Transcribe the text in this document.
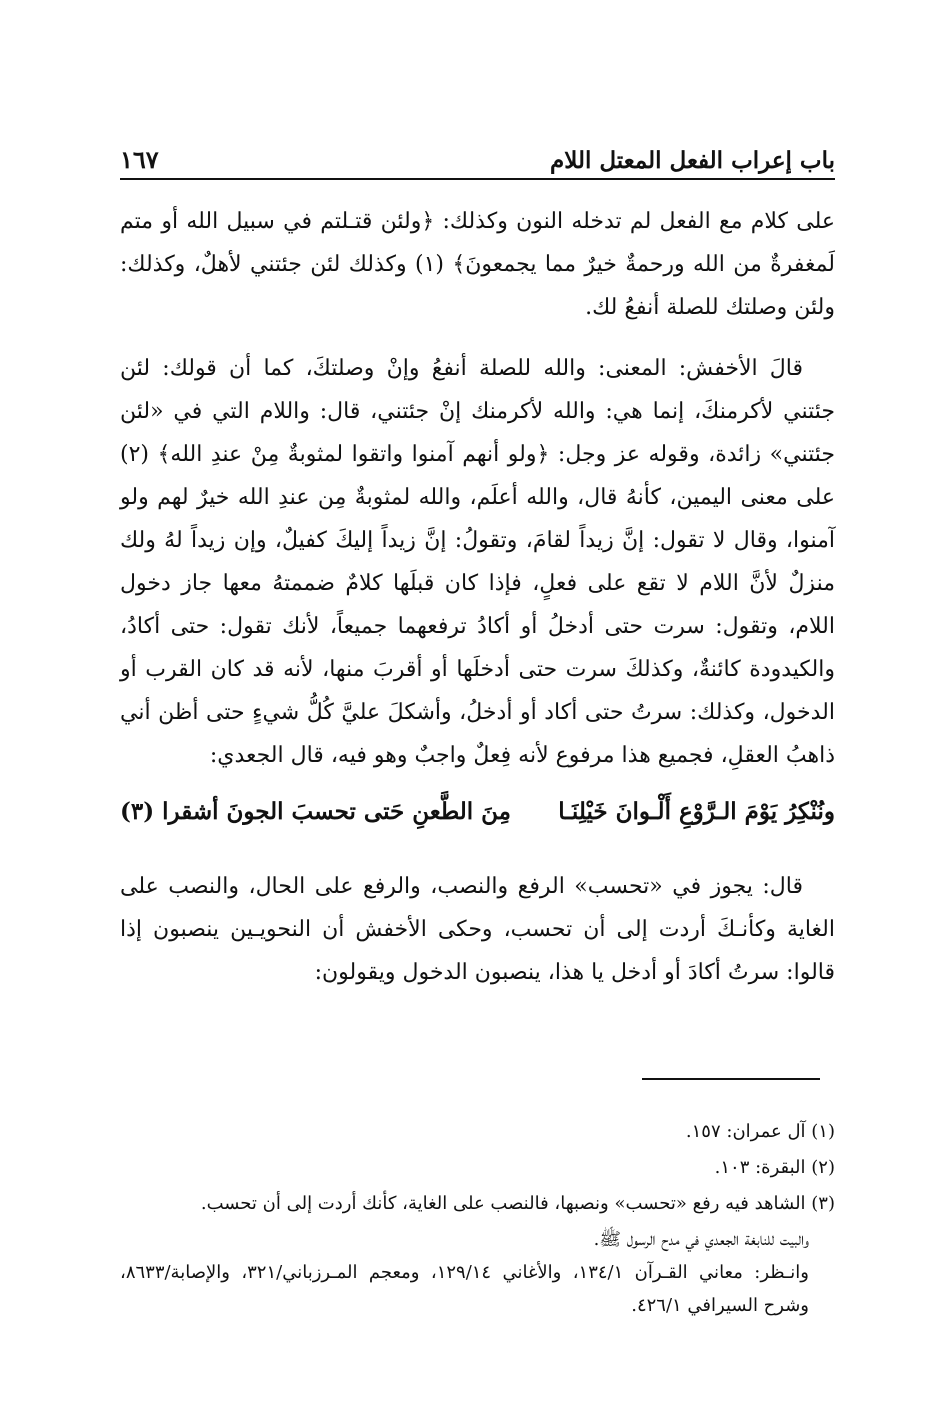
باب إعراب الفعل المعتل اللام
١٦٧

على كلام مع الفعل لم تدخله النون وكذلك: ﴿ولئن قتـلتم في سبيل الله أو متم لَمغفرةٌ من الله ورحمةٌ خيرٌ مما يجمعونَ﴾ (١) وكذلك لئن جئتني لأهلٌ، وكذلك: ولئن وصلتك للصلة أنفعُ لك.

قالَ الأخفش: المعنى: والله للصلة أنفعُ وإنْ وصلتكَ، كما أن قولك: لئن جئتني لأكرمنكَ، إنما هي: والله لأكرمنك إنْ جئتني، قال: واللام التي في «لئن جئتني» زائدة، وقوله عز وجل: ﴿ولو أنهم آمنوا واتقوا لمثوبةٌ مِنْ عندِ الله﴾ (٢) على معنى اليمين، كأنهُ قال، والله أعلَم، والله لمثوبةٌ مِن عندِ الله خيرٌ لهم ولو آمنوا، وقال لا تقول: إنَّ زيداً لقامَ، وتقولُ: إنَّ زيداً إليكَ كفيلٌ، وإن زيداً لهُ ولك منزلٌ لأنَّ اللام لا تقع على فعلٍ، فإذا كان قبلَها كلامٌ ضممتهُ معها جاز دخول اللام، وتقول: سرت حتى أدخلُ أو أكادُ ترفعهما جميعاً، لأنك تقول: حتى أكادُ، والكيدودة كائنةٌ، وكذلكَ سرت حتى أدخلَها أو أقربَ منها، لأنه قد كان القرب أو الدخول، وكذلك: سرتُ حتى أكاد أو أدخلُ، وأشكلَ عليَّ كُلُّ شيءٍ حتى أظن أني ذاهبُ العقلِ، فجميع هذا مرفوع لأنه فِعلٌ واجبٌ وهو فيه، قال الجعدي:

ونُنْكِرُ يَوْمَ الـرَّوْعِ أَلْـوانَ خَيْلِنَـا
مِنَ الطَّعنِ حَتى تحسبَ الجونَ أشقرا (٣)

قال: يجوز في «تحسب» الرفع والنصب، والرفع على الحال، والنصب على الغاية وكأنـكَ أردت إلى أن تحسب، وحكى الأخفش أن النحويـين ينصبون إذا قالوا: سرتُ أكادَ أو أدخل يا هذا، ينصبون الدخول ويقولون:

(١) آل عمران: ١٥٧.

(٢) البقرة: ١٠٣.

(٣) الشاهد فيه رفع «تحسب» ونصبها، فالنصب على الغاية، كأنك أردت إلى أن تحسب.

والبيت للنابغة الجعدي في مدح الرسول ﷺ.

وانـظر: معاني القـرآن ١٣٤/١، والأغاني ١٢٩/١٤، ومعجم المـرزباني/٣٢١، والإصابة/٨٦٣٣، وشرح السيرافي ٤٢٦/١.
